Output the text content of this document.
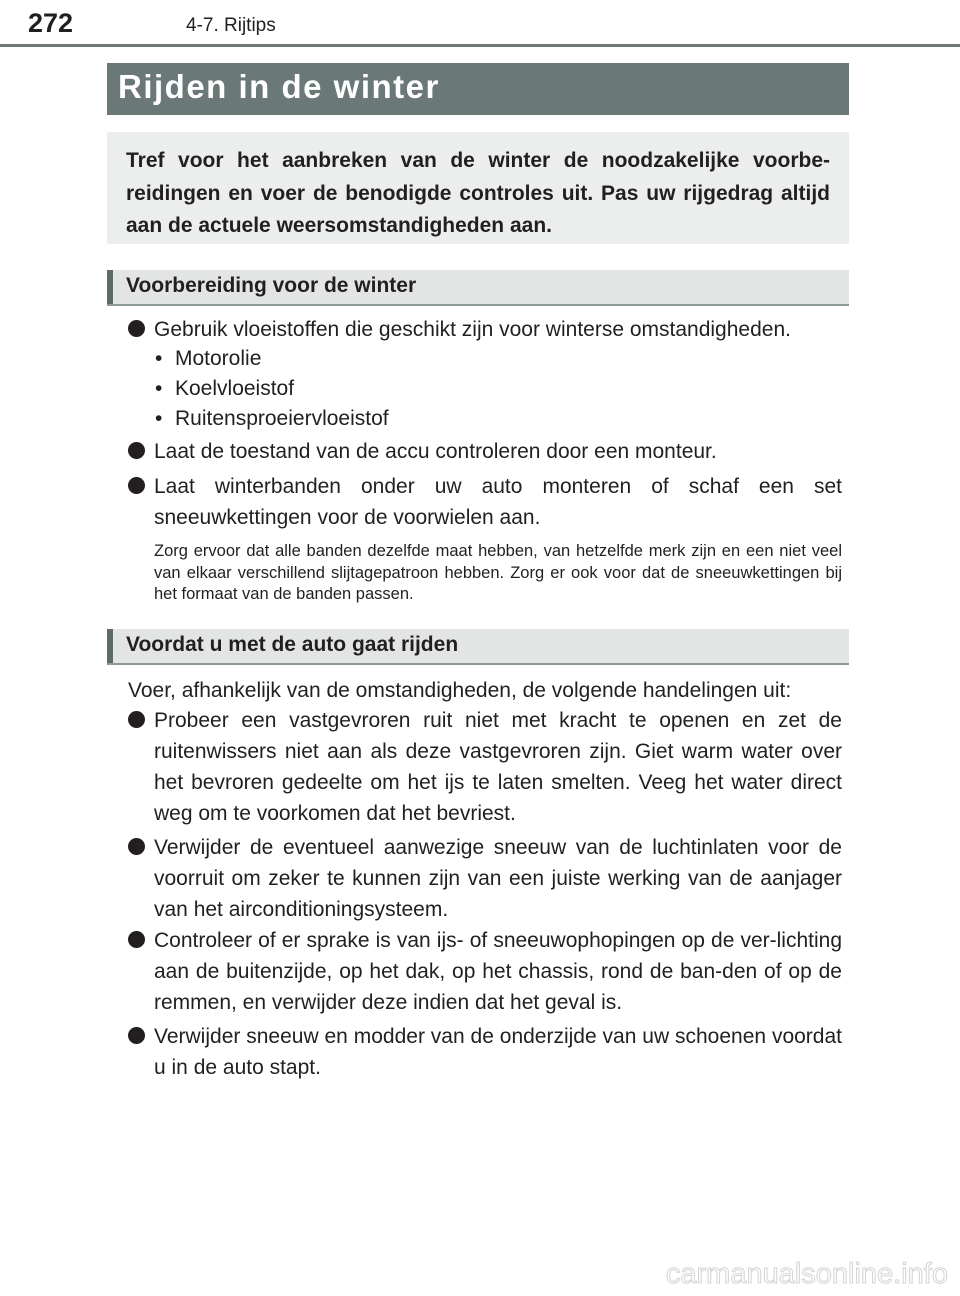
272	4-7. Rijtips
Rijden in de winter
Tref voor het aanbreken van de winter de noodzakelijke voorbe-reidingen en voer de benodigde controles uit. Pas uw rijgedrag altijd aan de actuele weersomstandigheden aan.
Voorbereiding voor de winter
Gebruik vloeistoffen die geschikt zijn voor winterse omstandigheden.
• Motorolie
• Koelvloeistof
• Ruitensproeiervloeistof
Laat de toestand van de accu controleren door een monteur.
Laat winterbanden onder uw auto monteren of schaf een set sneeuwkettingen voor de voorwielen aan.
Zorg ervoor dat alle banden dezelfde maat hebben, van hetzelfde merk zijn en een niet veel van elkaar verschillend slijtagepatroon hebben. Zorg er ook voor dat de sneeuwkettingen bij het formaat van de banden passen.
Voordat u met de auto gaat rijden
Voer, afhankelijk van de omstandigheden, de volgende handelingen uit:
Probeer een vastgevroren ruit niet met kracht te openen en zet de ruitenwissers niet aan als deze vastgevroren zijn. Giet warm water over het bevroren gedeelte om het ijs te laten smelten. Veeg het water direct weg om te voorkomen dat het bevriest.
Verwijder de eventueel aanwezige sneeuw van de luchtinlaten voor de voorruit om zeker te kunnen zijn van een juiste werking van de aanjager van het airconditioningsysteem.
Controleer of er sprake is van ijs- of sneeuwophopingen op de ver-lichting aan de buitenzijde, op het dak, op het chassis, rond de ban-den of op de remmen, en verwijder deze indien dat het geval is.
Verwijder sneeuw en modder van de onderzijde van uw schoenen voordat u in de auto stapt.
carmanualsonline.info
